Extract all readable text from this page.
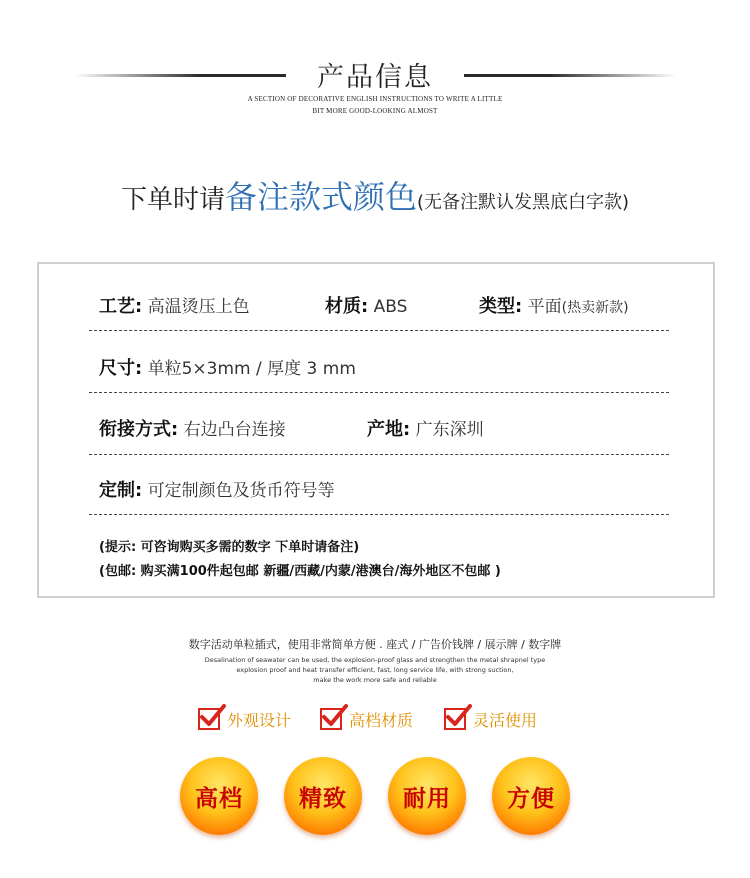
产品信息
A SECTION OF DECORATIVE ENGLISH INSTRUCTIONS TO WRITE A LITTLE
BIT MORE GOOD-LOOKING ALMOST
下单时请备注款式颜色(无备注默认发黑底白字款)
工艺: 高温烫压上色	材质: ABS	类型: 平面(热卖新款)
尺寸: 单粒5×3mm / 厚度 3 mm
衔接方式: 右边凸台连接	产地: 广东深圳
定制: 可定制颜色及货币符号等
(提示: 可咨询购买多需的数字 下单时请备注)
(包邮: 购买满100件起包邮 新疆/西藏/内蒙/港澳台/海外地区不包邮 )
数字活动单粒插式，使用非常简单方便 . 座式 / 广告价钱牌 / 展示牌 / 数字牌
Desalination of seawater can be used, the explosion-proof glass and strengthen the metal shrapnel type
explosion proof and heat transfer efficient, fast, long service life, with strong suction,
make the work more safe and reliable
外观设计	高档材质	灵活使用
高档 精致 耐用 方便
